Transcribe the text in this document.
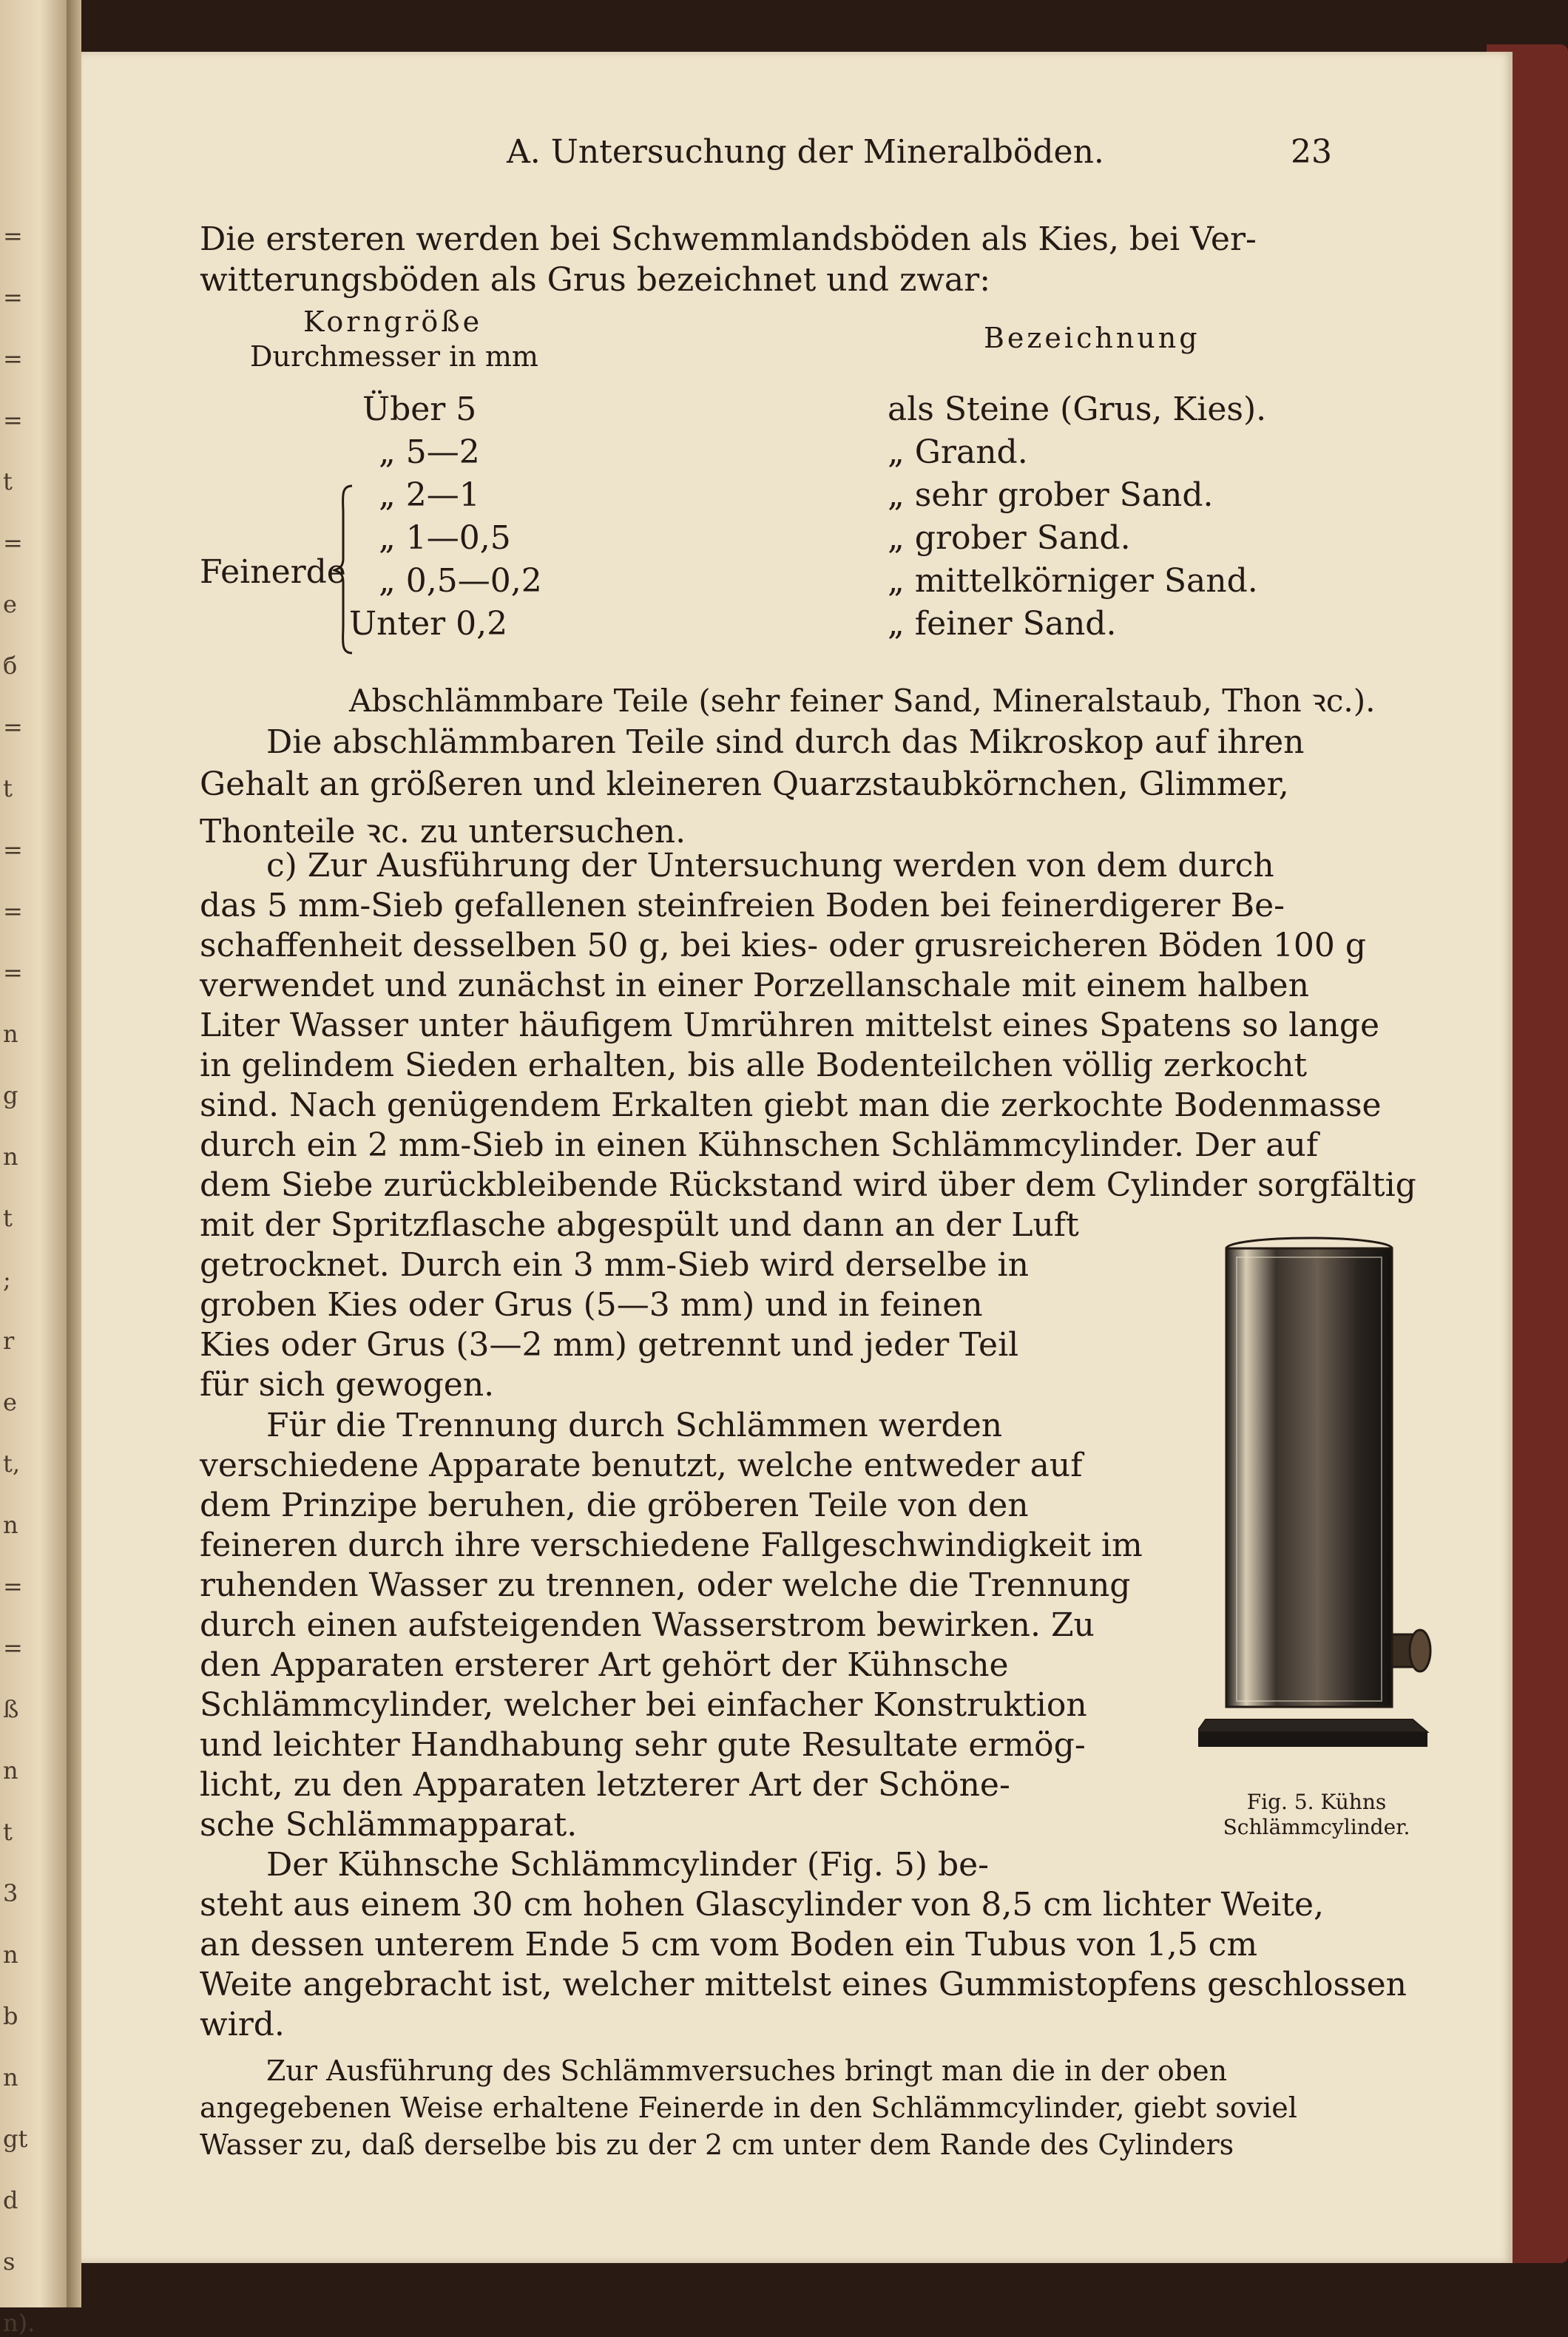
=
=
=
=
t
=
e
б
=
t
=
=
=
n
g
n
t
;
r
e
t,
n
=
=
ß
n
t
3
n
b
n
gt
d
s
n).
A. Untersuchung der Mineralböden.	23
Die ersteren werden bei Schwemmlandsböden als Kies, bei Ver-
witterungsböden als Grus bezeichnet und zwar:
Korngröße
Durchmesser in mm
Bezeichnung
Über 5	als Steine (Grus, Kies).
„ 5—2	„ Grand.
„ 2—1	„ sehr grober Sand.
„ 1—0,5	„ grober Sand.
„ 0,5—0,2	„ mittelkörniger Sand.
Unter 0,2	„ feiner Sand.
Feinerde
Abschlämmbare Teile (sehr feiner Sand, Mineralstaub, Thon ꝛc.).
Die abschlämmbaren Teile sind durch das Mikroskop auf ihren
Gehalt an größeren und kleineren Quarzstaubkörnchen, Glimmer,
Thonteile ꝛc. zu untersuchen.
c) Zur Ausführung der Untersuchung werden von dem durch
das 5 mm-Sieb gefallenen steinfreien Boden bei feinerdigerer Be-
schaffenheit desselben 50 g, bei kies- oder grusreicheren Böden 100 g
verwendet und zunächst in einer Porzellanschale mit einem halben
Liter Wasser unter häufigem Umrühren mittelst eines Spatens so lange
in gelindem Sieden erhalten, bis alle Bodenteilchen völlig zerkocht
sind. Nach genügendem Erkalten giebt man die zerkochte Bodenmasse
durch ein 2 mm-Sieb in einen Kühnschen Schlämmcylinder. Der auf
dem Siebe zurückbleibende Rückstand wird über dem Cylinder sorgfältig
mit der Spritzflasche abgespült und dann an der Luft
getrocknet. Durch ein 3 mm-Sieb wird derselbe in
groben Kies oder Grus (5—3 mm) und in feinen
Kies oder Grus (3—2 mm) getrennt und jeder Teil
für sich gewogen.
Für die Trennung durch Schlämmen werden
verschiedene Apparate benutzt, welche entweder auf
dem Prinzipe beruhen, die gröberen Teile von den
feineren durch ihre verschiedene Fallgeschwindigkeit im
ruhenden Wasser zu trennen, oder welche die Trennung
durch einen aufsteigenden Wasserstrom bewirken. Zu
den Apparaten ersterer Art gehört der Kühnsche
Schlämmcylinder, welcher bei einfacher Konstruktion
und leichter Handhabung sehr gute Resultate ermög-
licht, zu den Apparaten letzterer Art der Schöne-
sche Schlämmapparat.
Der Kühnsche Schlämmcylinder (Fig. 5) be-
steht aus einem 30 cm hohen Glascylinder von 8,5 cm lichter Weite,
an dessen unterem Ende 5 cm vom Boden ein Tubus von 1,5 cm
Weite angebracht ist, welcher mittelst eines Gummistopfens geschlossen
wird.
Zur Ausführung des Schlämmversuches bringt man die in der oben
angegebenen Weise erhaltene Feinerde in den Schlämmcylinder, giebt soviel
Wasser zu, daß derselbe bis zu der 2 cm unter dem Rande des Cylinders
Fig. 5. Kühns
Schlämmcylinder.
